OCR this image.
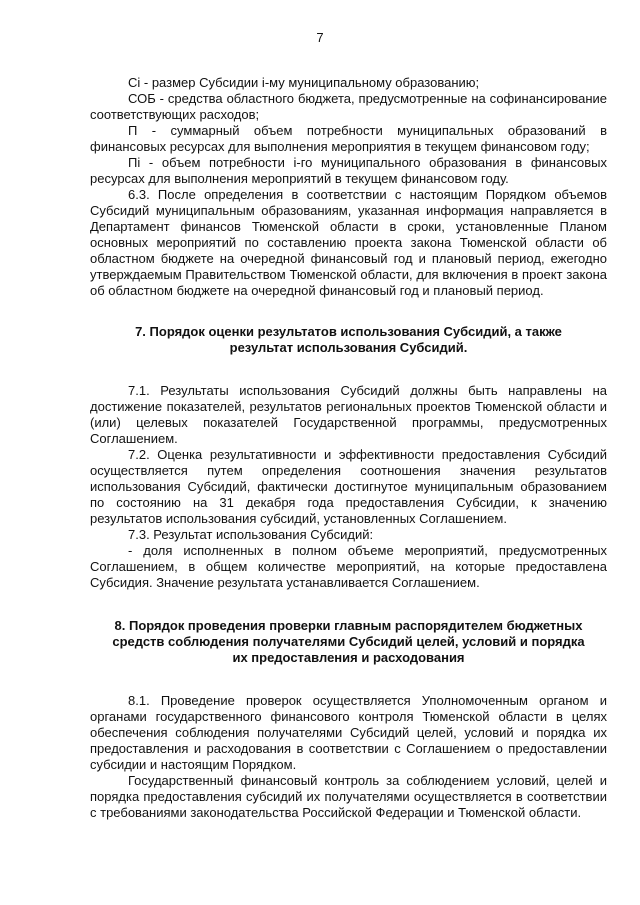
7

Сi - размер Субсидии i-му муниципальному образованию;

СОБ - средства областного бюджета, предусмотренные на софинансирование соответствующих расходов;

П - суммарный объем потребности муниципальных образований в финансовых ресурсах для выполнения мероприятия в текущем финансовом году;

Пi - объем потребности i-го муниципального образования в финансовых ресурсах для выполнения мероприятий в текущем финансовом году.

6.3. После определения в соответствии с настоящим Порядком объемов Субсидий муниципальным образованиям, указанная информация направляется в Департамент финансов Тюменской области в сроки, установленные Планом основных мероприятий по составлению проекта закона Тюменской области об областном бюджете на очередной финансовый год и плановый период, ежегодно утверждаемым Правительством Тюменской области, для включения в проект закона об областном бюджете на очередной финансовый год и плановый период.

7. Порядок оценки результатов использования Субсидий, а также результат использования Субсидий.

7.1. Результаты использования Субсидий должны быть направлены на достижение показателей, результатов региональных проектов Тюменской области и (или) целевых показателей Государственной программы, предусмотренных Соглашением.

7.2. Оценка результативности и эффективности предоставления Субсидий осуществляется путем определения соотношения значения результатов использования Субсидий, фактически достигнутое муниципальным образованием по состоянию на 31 декабря года предоставления Субсидии, к значению результатов использования субсидий, установленных Соглашением.

7.3. Результат использования Субсидий:

- доля исполненных в полном объеме мероприятий, предусмотренных Соглашением, в общем количестве мероприятий, на которые предоставлена Субсидия. Значение результата устанавливается Соглашением.

8. Порядок проведения проверки главным распорядителем бюджетных средств соблюдения получателями Субсидий целей, условий и порядка их предоставления и расходования

8.1. Проведение проверок осуществляется Уполномоченным органом и органами государственного финансового контроля Тюменской области в целях обеспечения соблюдения получателями Субсидий целей, условий и порядка их предоставления и расходования в соответствии с Соглашением о предоставлении субсидии и настоящим Порядком.

Государственный финансовый контроль за соблюдением условий, целей и порядка предоставления субсидий их получателями осуществляется в соответствии с требованиями законодательства Российской Федерации и Тюменской области.
